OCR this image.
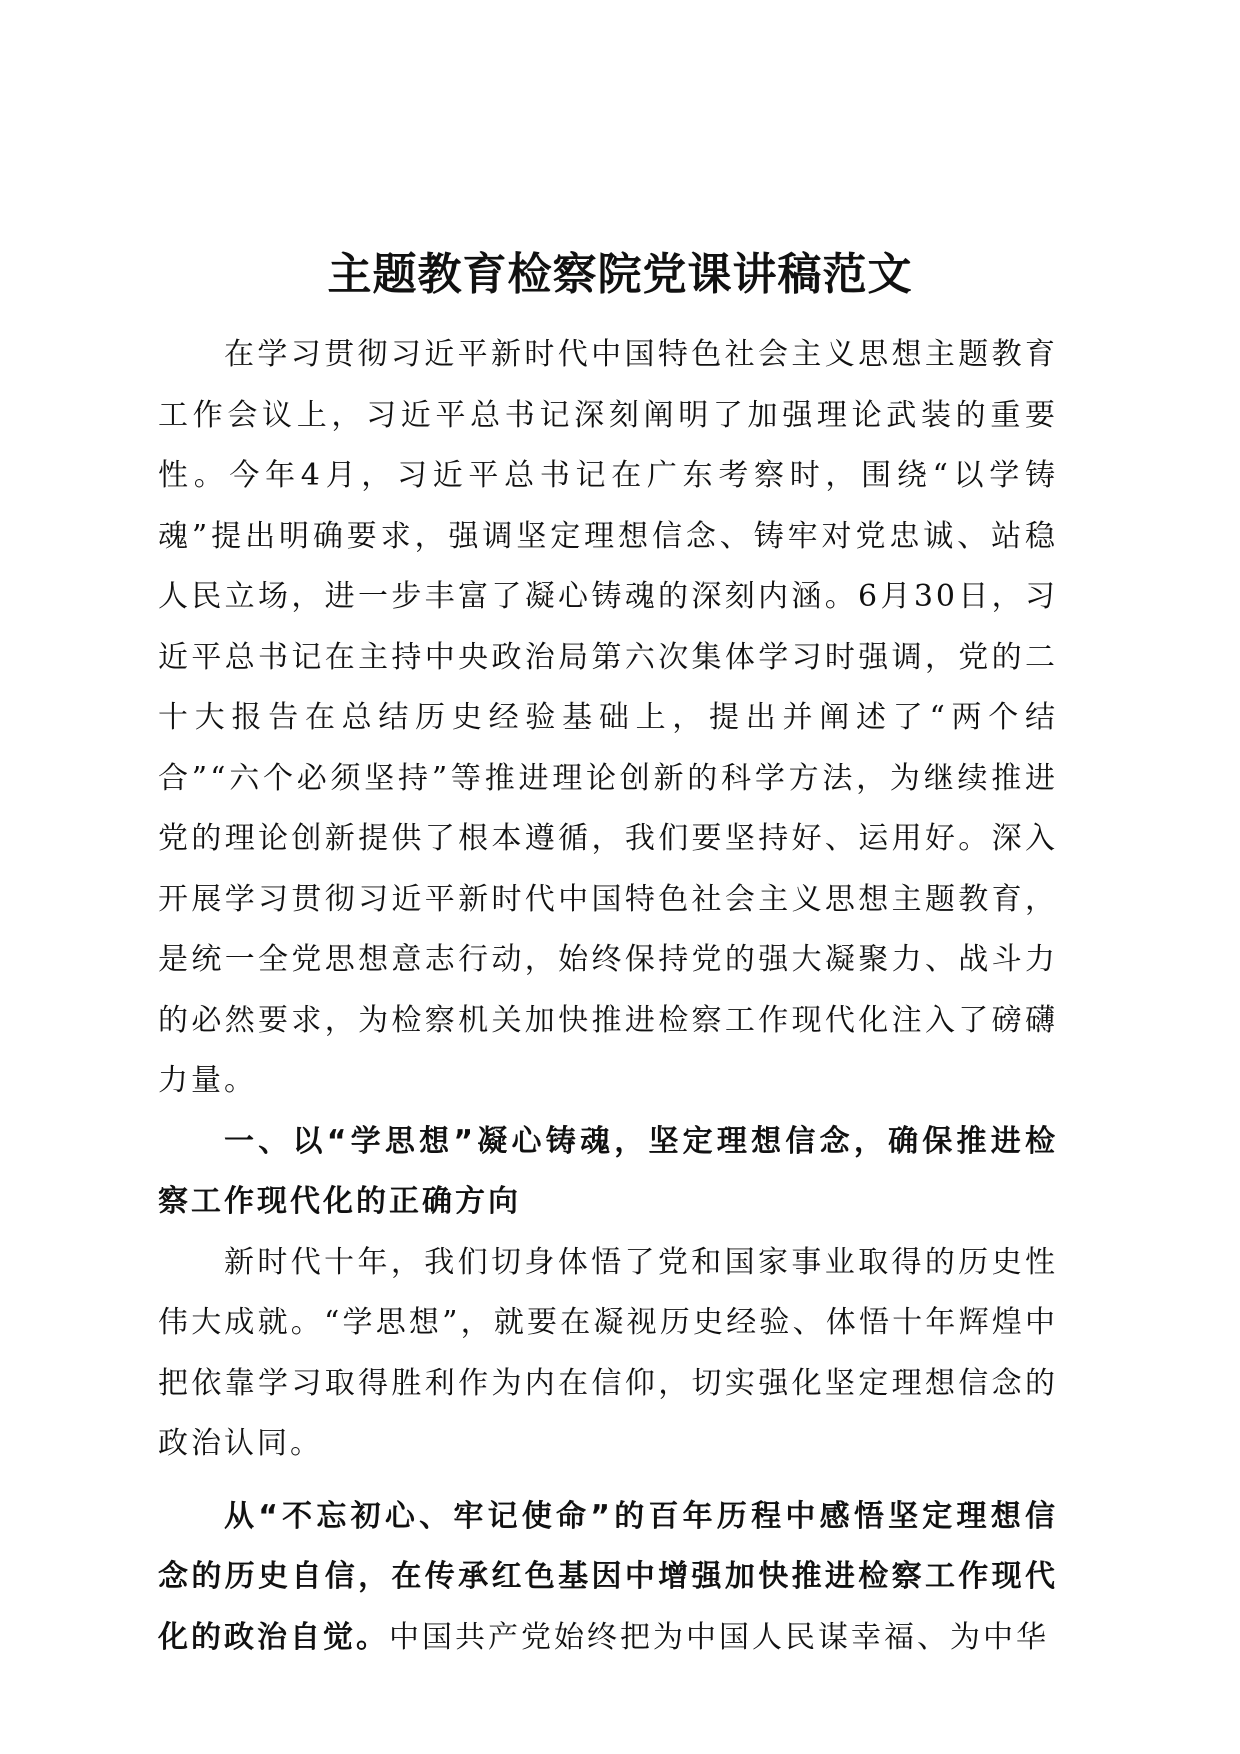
主题教育检察院党课讲稿范文

在学习贯彻习近平新时代中国特色社会主义思想主题教育工作会议上，习近平总书记深刻阐明了加强理论武装的重要性。今年4月，习近平总书记在广东考察时，围绕“以学铸魂”提出明确要求，强调坚定理想信念、铸牢对党忠诚、站稳人民立场，进一步丰富了凝心铸魂的深刻内涵。6月30日，习近平总书记在主持中央政治局第六次集体学习时强调，党的二十大报告在总结历史经验基础上，提出并阐述了“两个结合”“六个必须坚持”等推进理论创新的科学方法，为继续推进党的理论创新提供了根本遵循，我们要坚持好、运用好。深入开展学习贯彻习近平新时代中国特色社会主义思想主题教育，是统一全党思想意志行动，始终保持党的强大凝聚力、战斗力的必然要求，为检察机关加快推进检察工作现代化注入了磅礴力量。

一、以“学思想”凝心铸魂，坚定理想信念，确保推进检察工作现代化的正确方向

新时代十年，我们切身体悟了党和国家事业取得的历史性伟大成就。“学思想”，就要在凝视历史经验、体悟十年辉煌中把依靠学习取得胜利作为内在信仰，切实强化坚定理想信念的政治认同。

从“不忘初心、牢记使命”的百年历程中感悟坚定理想信念的历史自信，在传承红色基因中增强加快推进检察工作现代化的政治自觉。中国共产党始终把为中国人民谋幸福、为中华
